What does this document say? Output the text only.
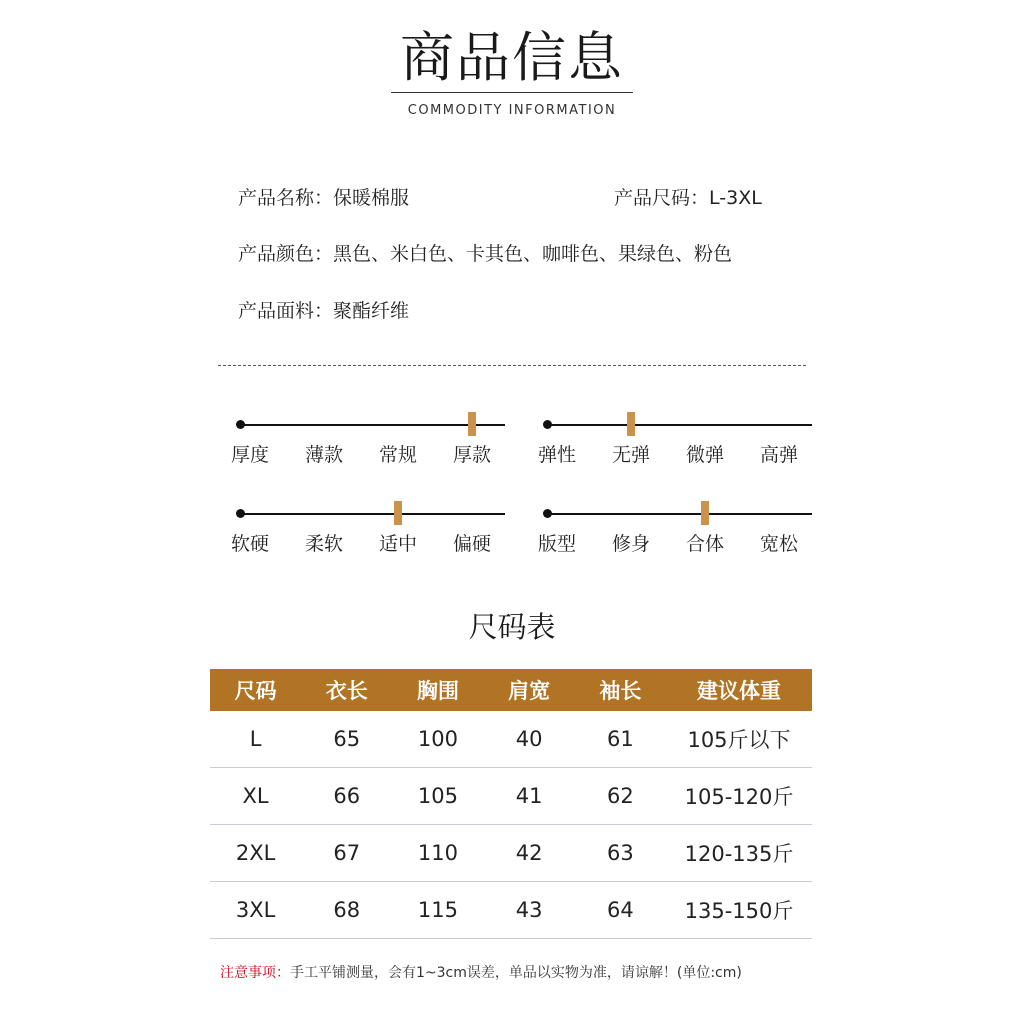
商品信息
COMMODITY INFORMATION
产品名称：保暖棉服	产品尺码：L-3XL
产品颜色：黑色、米白色、卡其色、咖啡色、果绿色、粉色
产品面料：聚酯纤维
厚度	薄款	常规	厚款	弹性	无弹	微弹	高弹
软硬	柔软	适中	偏硬	版型	修身	合体	宽松
尺码表
尺码	衣长	胸围	肩宽	袖长	建议体重
L	65	100	40	61	105斤以下
XL	66	105	41	62	105-120斤
2XL	67	110	42	63	120-135斤
3XL	68	115	43	64	135-150斤
注意事项：手工平铺测量，会有1~3cm误差，单品以实物为准，请谅解！(单位:cm)
